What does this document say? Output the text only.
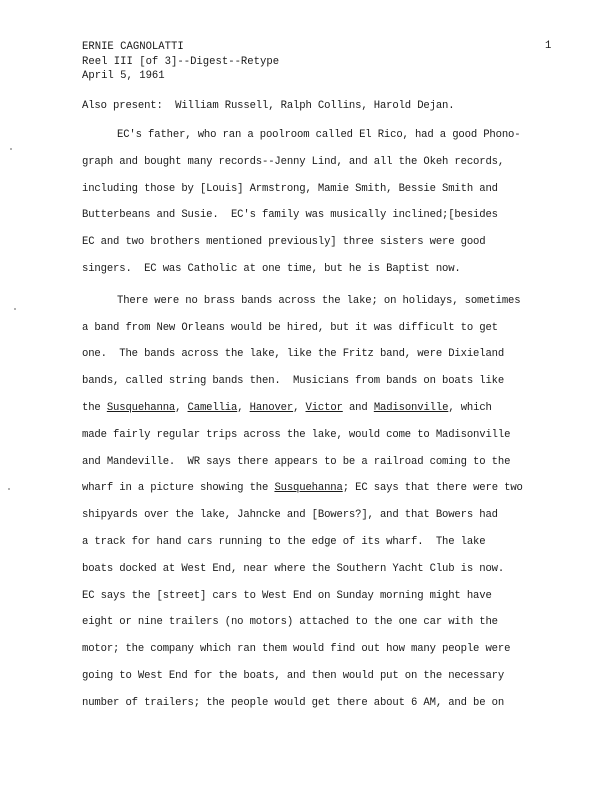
ERNIE CAGNOLATTI
Reel III [of 3]--Digest--Retype
April 5, 1961
1
Also present:  William Russell, Ralph Collins, Harold Dejan.
EC's father, who ran a poolroom called El Rico, had a good Phono-
graph and bought many records--Jenny Lind, and all the Okeh records,
including those by [Louis] Armstrong, Mamie Smith, Bessie Smith and
Butterbeans and Susie.  EC's family was musically inclined;[besides
EC and two brothers mentioned previously] three sisters were good
singers.  EC was Catholic at one time, but he is Baptist now.
There were no brass bands across the lake; on holidays, sometimes
a band from New Orleans would be hired, but it was difficult to get
one.  The bands across the lake, like the Fritz band, were Dixieland
bands, called string bands then.  Musicians from bands on boats like
the Susquehanna, Camellia, Hanover, Victor and Madisonville, which
made fairly regular trips across the lake, would come to Madisonville
and Mandeville.  WR says there appears to be a railroad coming to the
wharf in a picture showing the Susquehanna; EC says that there were two
shipyards over the lake, Jahncke and [Bowers?], and that Bowers had
a track for hand cars running to the edge of its wharf.  The lake
boats docked at West End, near where the Southern Yacht Club is now.
EC says the [street] cars to West End on Sunday morning might have
eight or nine trailers (no motors) attached to the one car with the
motor; the company which ran them would find out how many people were
going to West End for the boats, and then would put on the necessary
number of trailers; the people would get there about 6 AM, and be on
